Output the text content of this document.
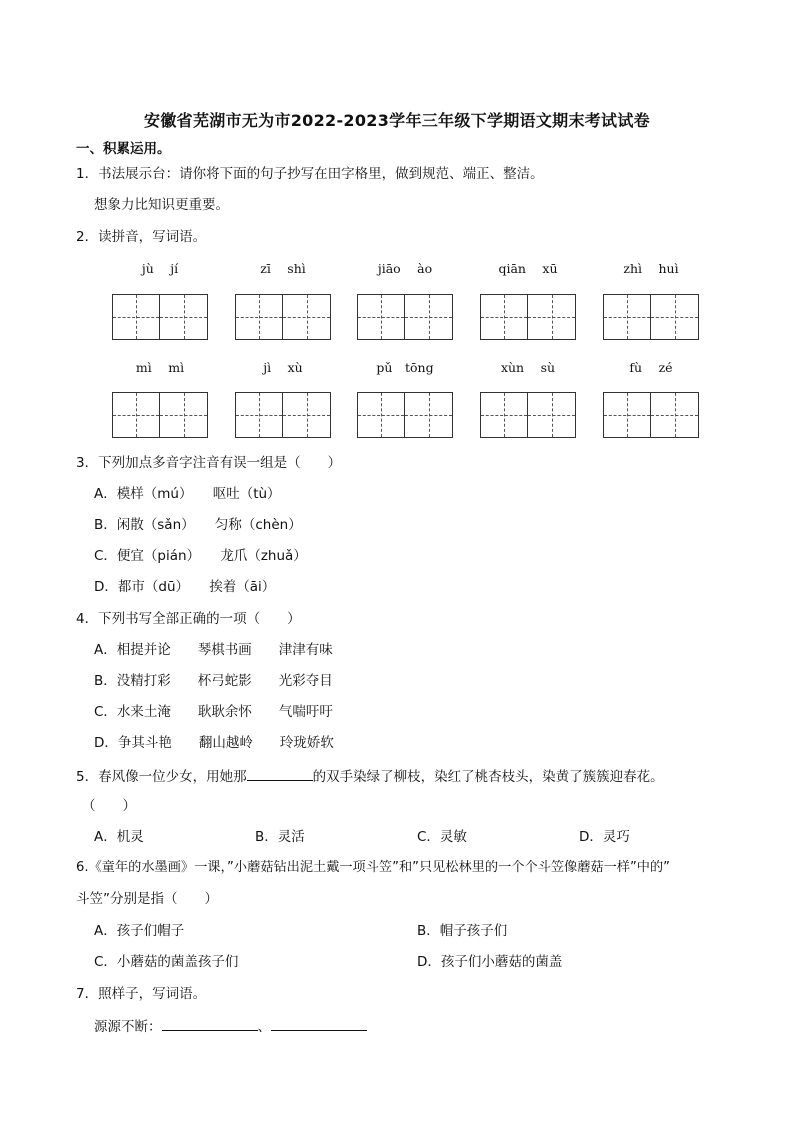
安徽省芜湖市无为市2022-2023学年三年级下学期语文期末考试试卷
一、积累运用。
1．书法展示台：请你将下面的句子抄写在田字格里，做到规范、端正、整洁。
想象力比知识更重要。
2．读拼音，写词语。
jù　 jí	zī　 shì	jiāo　 ào	qiān　 xū	zhì　 huì
mì　 mì	jì　 xù	pǔ　tōng	xùn　 sù	fù　 zé
3．下列加点多音字注音有误一组是（　　）
A．模样（mú）　　呕吐（tù）
B．闲散（sǎn）　　匀称（chèn）
C．便宜（pián）　　龙爪（zhuǎ）
D．都市（dū）　　挨着（āi）
4．下列书写全部正确的一项（　　）
A．相提并论　　琴棋书画　　津津有味
B．没精打彩　　杯弓蛇影　　光彩夺目
C．水来土淹　　耿耿余怀　　气喘吁吁
D．争其斗艳　　翻山越岭　　玲珑娇软
5．春风像一位少女，用她那	的双手染绿了柳枝，染红了桃杏枝头，染黄了簇簇迎春花。
（　　）
A．机灵	B．灵活	C．灵敏	D．灵巧
6.《童年的水墨画》一课，”小蘑菇钻出泥土戴一项斗笠”和”只见松林里的一个个斗笠像蘑菇一样”中的”
斗笠”分别是指（　　）
A．孩子们帽子	B．帽子孩子们
C．小蘑菇的菌盖孩子们	D．孩子们小蘑菇的菌盖
7．照样子，写词语。
源源不断：	、
